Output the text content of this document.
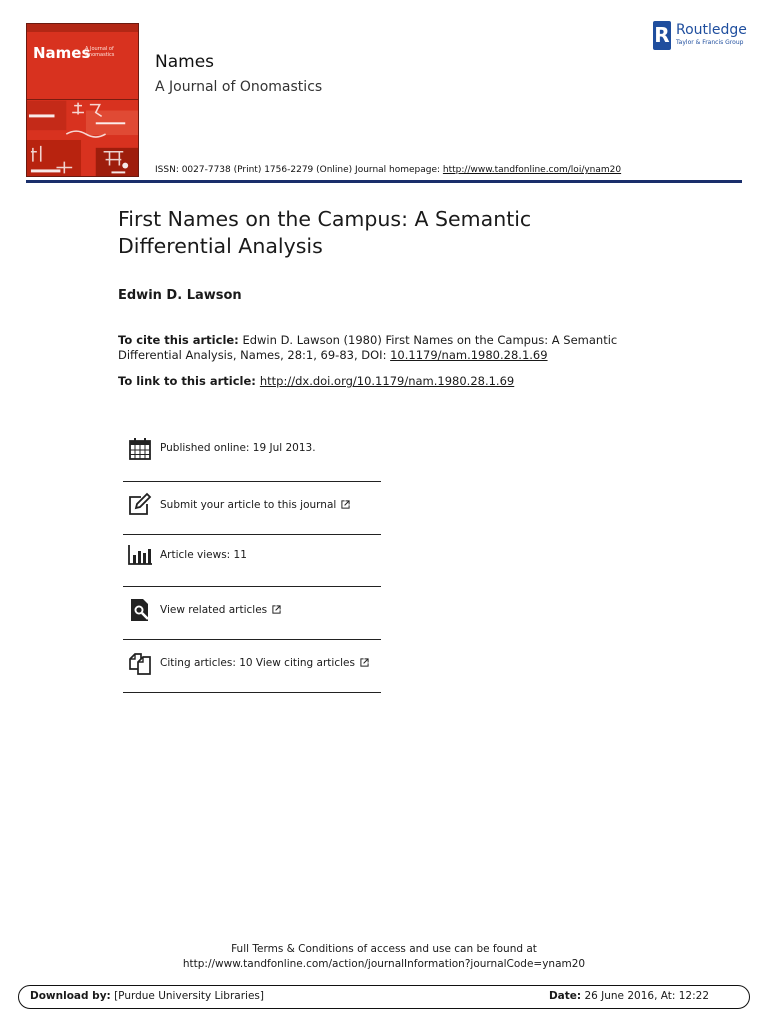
Names
A Journal of Onomastics	Names
A Journal of Onomastics
R Routledge
Taylor & Francis Group
ISSN: 0027-7738 (Print) 1756-2279 (Online) Journal homepage: http://www.tandfonline.com/loi/ynam20
First Names on the Campus: A Semantic Differential Analysis
Edwin D. Lawson
To cite this article: Edwin D. Lawson (1980) First Names on the Campus: A Semantic Differential Analysis, Names, 28:1, 69-83, DOI: 10.1179/nam.1980.28.1.69
To link to this article: http://dx.doi.org/10.1179/nam.1980.28.1.69
Published online: 19 Jul 2013.
Submit your article to this journal
Article views: 11
View related articles
Citing articles: 10 View citing articles
Full Terms & Conditions of access and use can be found at
http://www.tandfonline.com/action/journalInformation?journalCode=ynam20
Download by: [Purdue University Libraries]	Date: 26 June 2016, At: 12:22
